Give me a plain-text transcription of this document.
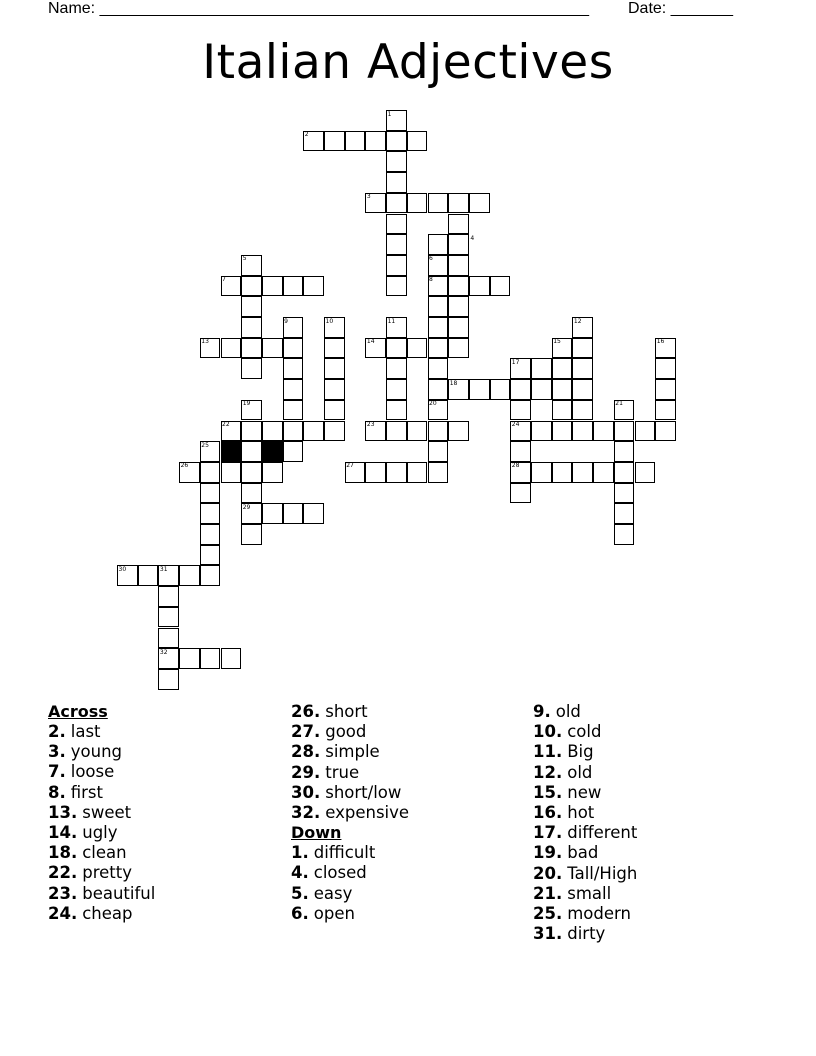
Name: _______________________________________________________ Date: _______
Italian Adjectives
1
2
3
4
5	6
7	8
9	10	11	12
13	14	15	16
17
18
19	20	21
22	23	24
25
26	27	28
29
30	31
32
Across
2. last
3. young
7. loose
8. first
13. sweet
14. ugly
18. clean
22. pretty
23. beautiful
24. cheap
26. short
27. good
28. simple
29. true
30. short/low
32. expensive
Down
1. difficult
4. closed
5. easy
6. open
9. old
10. cold
11. Big
12. old
15. new
16. hot
17. different
19. bad
20. Tall/High
21. small
25. modern
31. dirty
